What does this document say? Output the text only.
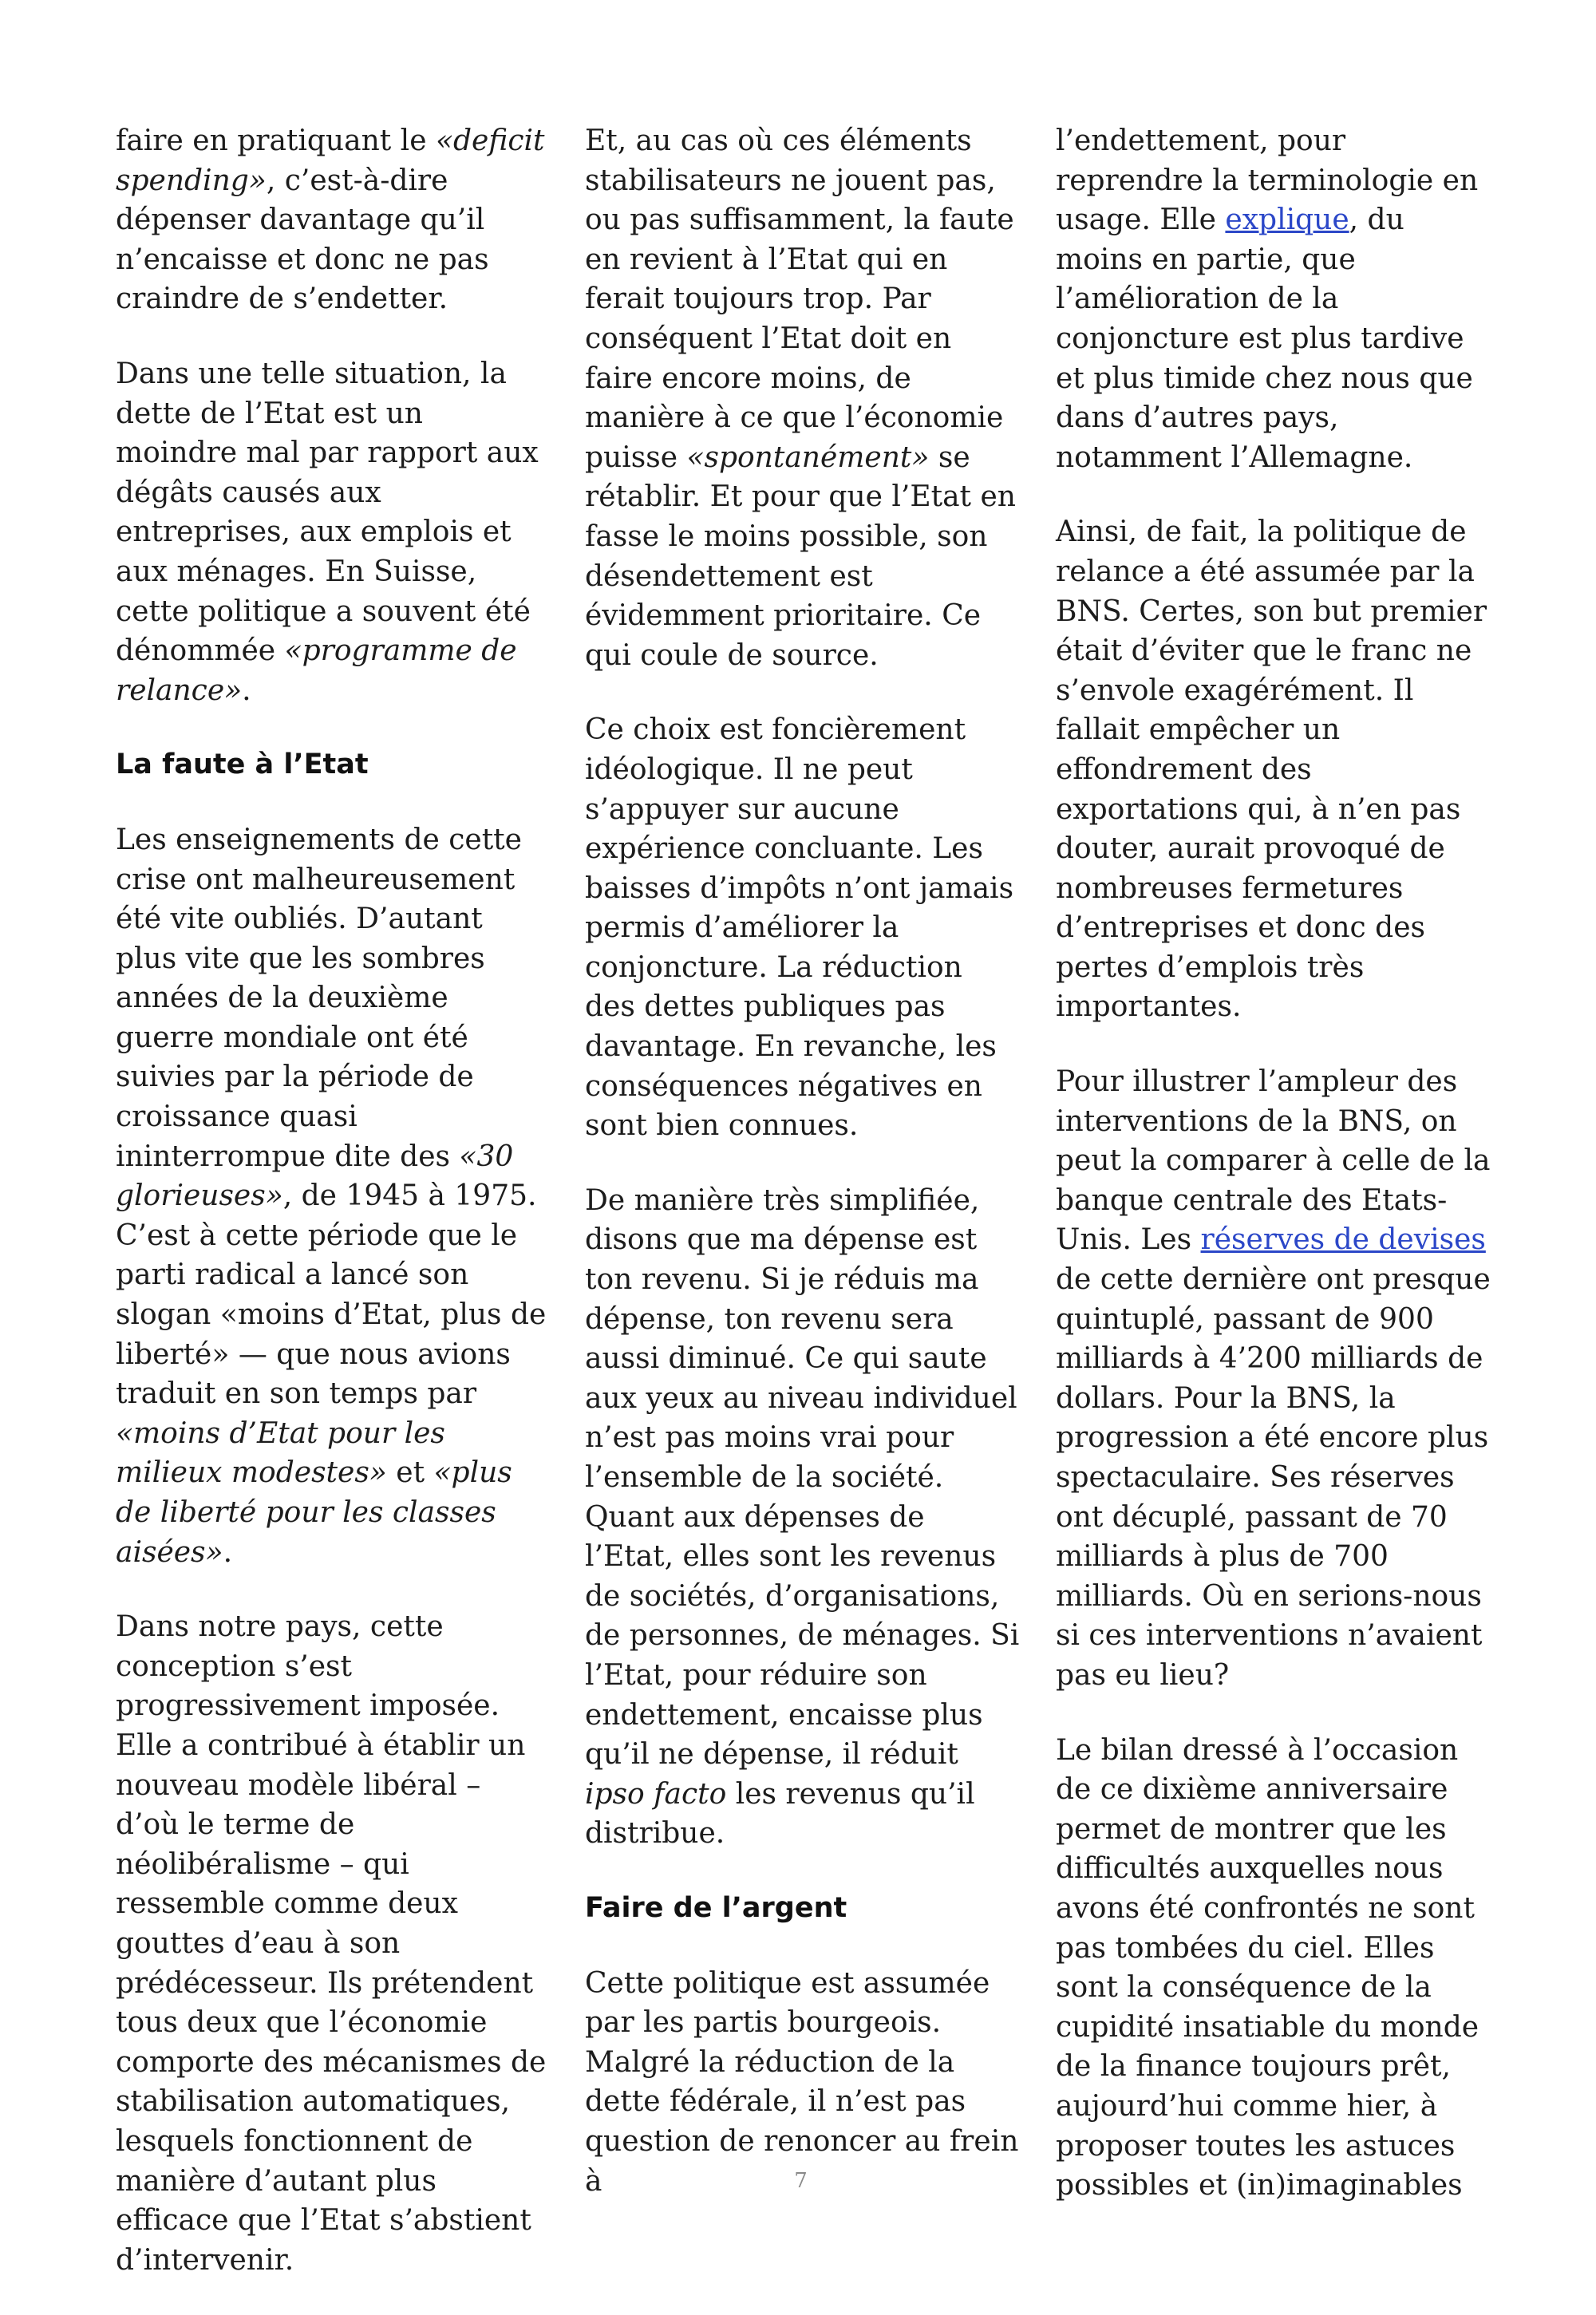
faire en pratiquant le «deficit spending», c’est-à-dire dépenser davantage qu’il n’encaisse et donc ne pas craindre de s’endetter.

Dans une telle situation, la dette de l’Etat est un moindre mal par rapport aux dégâts causés aux entreprises, aux emplois et aux ménages. En Suisse, cette politique a souvent été dénommée «programme de relance».

La faute à l’Etat

Les enseignements de cette crise ont malheureusement été vite oubliés. D’autant plus vite que les sombres années de la deuxième guerre mondiale ont été suivies par la période de croissance quasi ininterrompue dite des «30 glorieuses», de 1945 à 1975. C’est à cette période que le parti radical a lancé son slogan «moins d’Etat, plus de liberté» — que nous avions traduit en son temps par «moins d’Etat pour les milieux modestes» et «plus de liberté pour les classes aisées».

Dans notre pays, cette conception s’est progressivement imposée. Elle a contribué à établir un nouveau modèle libéral – d’où le terme de néolibéralisme – qui ressemble comme deux gouttes d’eau à son prédécesseur. Ils prétendent tous deux que l’économie comporte des mécanismes de stabilisation automatiques, lesquels fonctionnent de manière d’autant plus efficace que l’Etat s’abstient d’intervenir.

Et, au cas où ces éléments stabilisateurs ne jouent pas, ou pas suffisamment, la faute en revient à l’Etat qui en ferait toujours trop. Par conséquent l’Etat doit en faire encore moins, de manière à ce que l’économie puisse «spontanément» se rétablir. Et pour que l’Etat en fasse le moins possible, son désendettement est évidemment prioritaire. Ce qui coule de source.

Ce choix est foncièrement idéologique. Il ne peut s’appuyer sur aucune expérience concluante. Les baisses d’impôts n’ont jamais permis d’améliorer la conjoncture. La réduction des dettes publiques pas davantage. En revanche, les conséquences négatives en sont bien connues.

De manière très simplifiée, disons que ma dépense est ton revenu. Si je réduis ma dépense, ton revenu sera aussi diminué. Ce qui saute aux yeux au niveau individuel n’est pas moins vrai pour l’ensemble de la société. Quant aux dépenses de l’Etat, elles sont les revenus de sociétés, d’organisations, de personnes, de ménages. Si l’Etat, pour réduire son endettement, encaisse plus qu’il ne dépense, il réduit ipso facto les revenus qu’il distribue.

Faire de l’argent

Cette politique est assumée par les partis bourgeois. Malgré la réduction de la dette fédérale, il n’est pas question de renoncer au frein à

l’endettement, pour reprendre la terminologie en usage. Elle explique, du moins en partie, que l’amélioration de la conjoncture est plus tardive et plus timide chez nous que dans d’autres pays, notamment l’Allemagne.

Ainsi, de fait, la politique de relance a été assumée par la BNS. Certes, son but premier était d’éviter que le franc ne s’envole exagérément. Il fallait empêcher un effondrement des exportations qui, à n’en pas douter, aurait provoqué de nombreuses fermetures d’entreprises et donc des pertes d’emplois très importantes.

Pour illustrer l’ampleur des interventions de la BNS, on peut la comparer à celle de la banque centrale des Etats-Unis. Les réserves de devises de cette dernière ont presque quintuplé, passant de 900 milliards à 4’200 milliards de dollars. Pour la BNS, la progression a été encore plus spectaculaire. Ses réserves ont décuplé, passant de 70 milliards à plus de 700 milliards. Où en serions-nous si ces interventions n’avaient pas eu lieu?

Le bilan dressé à l’occasion de ce dixième anniversaire permet de montrer que les difficultés auxquelles nous avons été confrontés ne sont pas tombées du ciel. Elles sont la conséquence de la cupidité insatiable du monde de la finance toujours prêt, aujourd’hui comme hier, à proposer toutes les astuces possibles et (in)imaginables

7
